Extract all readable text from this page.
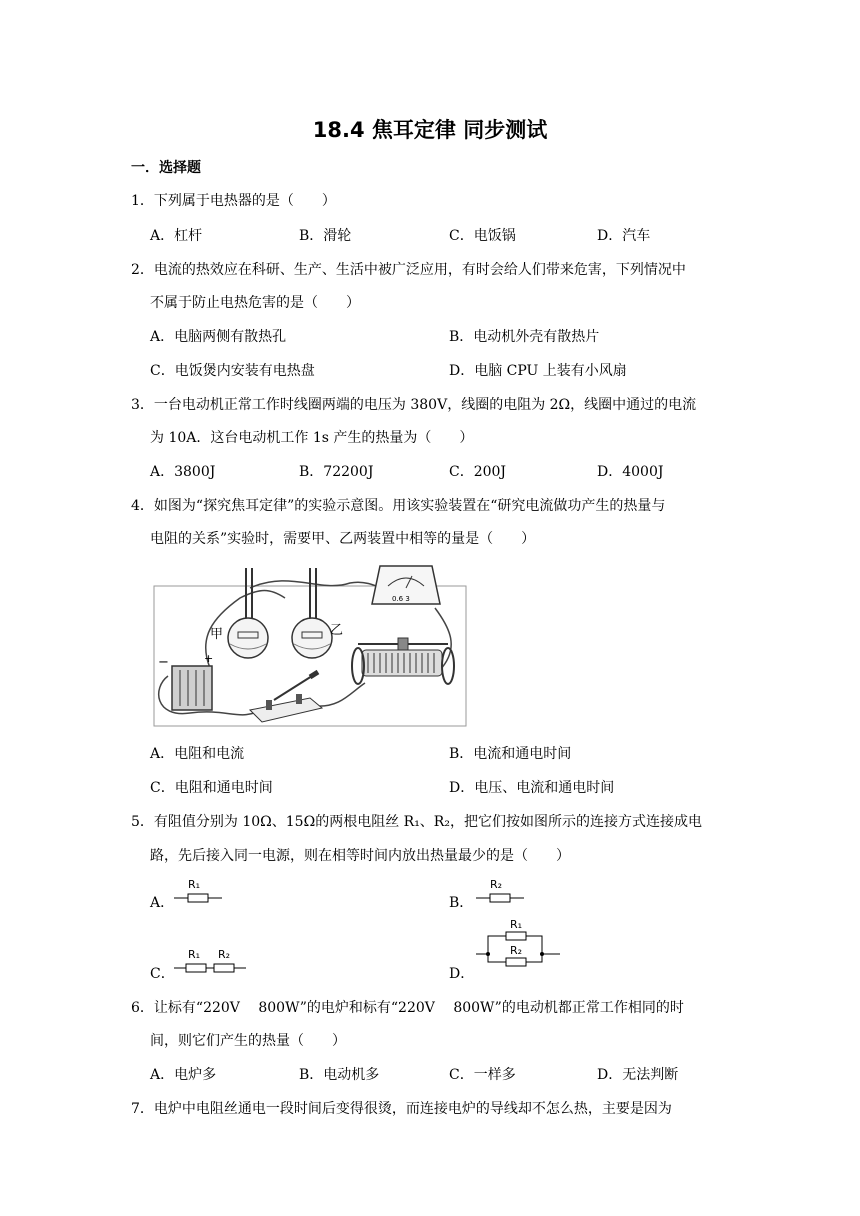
18.4 焦耳定律 同步测试
一．选择题
1．下列属于电热器的是（　　）
A．杠杆	B．滑轮	C．电饭锅	D．汽车
2．电流的热效应在科研、生产、生活中被广泛应用，有时会给人们带来危害，下列情况中
不属于防止电热危害的是（　　）
A．电脑两侧有散热孔	B．电动机外壳有散热片
C．电饭煲内安装有电热盘	D．电脑 CPU 上装有小风扇
3．一台电动机正常工作时线圈两端的电压为 380V，线圈的电阻为 2Ω，线圈中通过的电流
为 10A．这台电动机工作 1s 产生的热量为（　　）
A．3800J	B．72200J	C．200J	D．4000J
4．如图为“探究焦耳定律”的实验示意图。用该实验装置在“研究电流做功产生的热量与
电阻的关系”实验时，需要甲、乙两装置中相等的量是（　　）
甲	乙
0.6 3
−	+
A．电阻和电流	B．电流和通电时间
C．电阻和通电时间	D．电压、电流和通电时间
5．有阻值分别为 10Ω、15Ω的两根电阻丝 R₁、R₂，把它们按如图所示的连接方式连接成电
路，先后接入同一电源，则在相等时间内放出热量最少的是（　　）
A．
R₁
B．
R₂
C．
R₁ R₂
D．
R₁
R₂
6．让标有“220V　 800W”的电炉和标有“220V　 800W”的电动机都正常工作相同的时
间，则它们产生的热量（　　）
A．电炉多	B．电动机多	C．一样多	D．无法判断
7．电炉中电阻丝通电一段时间后变得很烫，而连接电炉的导线却不怎么热，主要是因为
